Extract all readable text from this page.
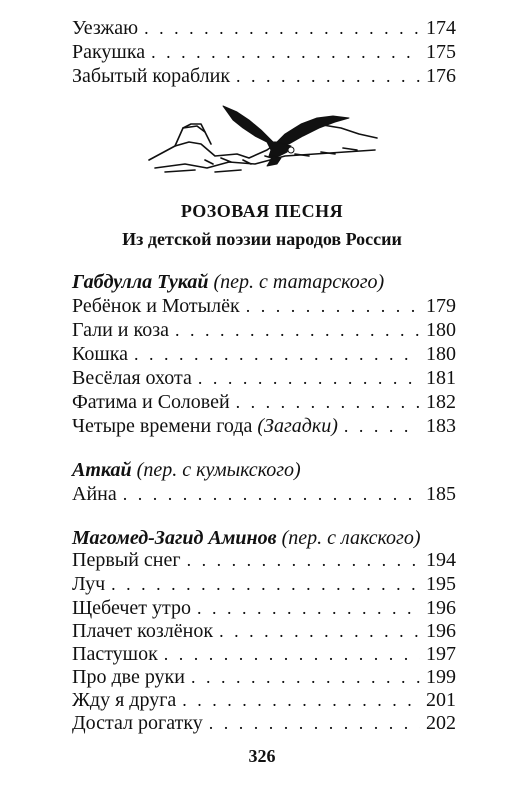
Уезжаю . . .	174
Ракушка . . .	175
Забытый кораблик . . .	176
РОЗОВАЯ ПЕСНЯ
Из детской поэзии народов России
Габдулла Тукай (пер. с татарского)
Ребёнок и Мотылёк . . .	179
Гали и коза . . .	180
Кошка . . .	180
Весёлая охота . . .	181
Фатима и Соловей . . .	182
Четыре времени года (Загадки) . . .	183
Аткай (пер. с кумыкского)
Айна . . .	185
Магомед-Загид Аминов (пер. с лакского)
Первый снег . . .	194
Луч . . .	195
Щебечет утро . . .	196
Плачет козлёнок . . .	196
Пастушок . . .	197
Про две руки . . .	199
Жду я друга . . .	201
Достал рогатку . . .	202
326
